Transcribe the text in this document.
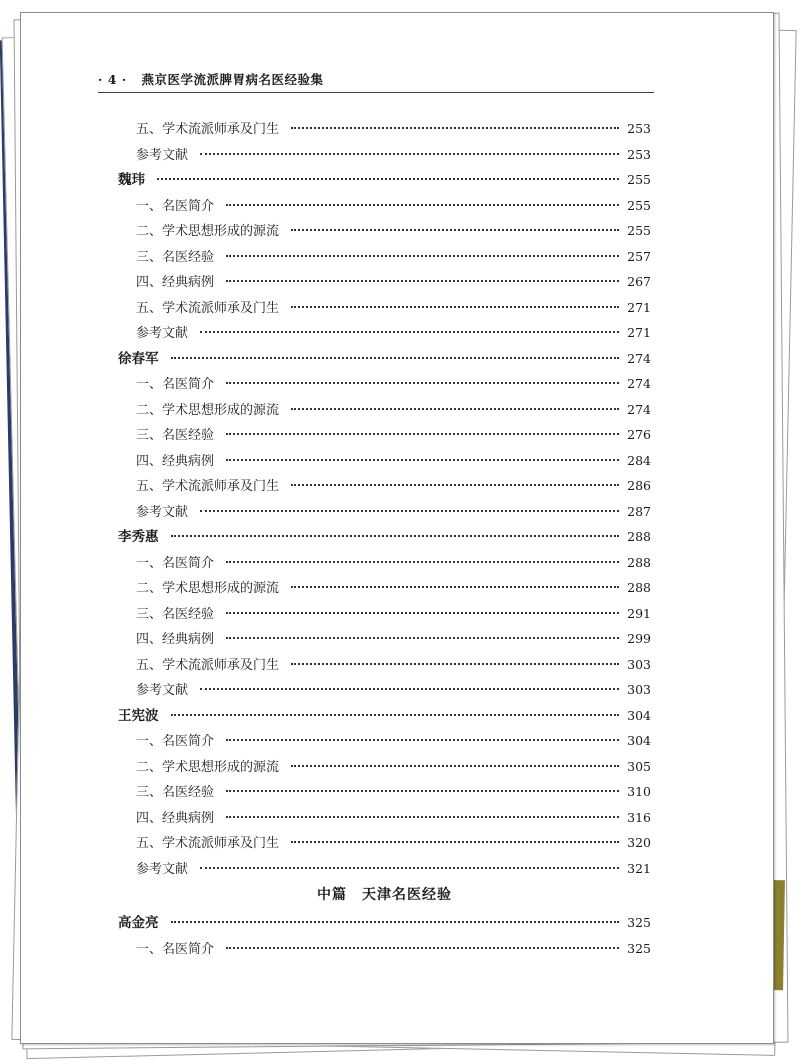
· 4 · 燕京医学流派脾胃病名医经验集
五、学术流派师承及门生	253
参考文献	253
魏玮	255
一、名医简介	255
二、学术思想形成的源流	255
三、名医经验	257
四、经典病例	267
五、学术流派师承及门生	271
参考文献	271
徐春军	274
一、名医简介	274
二、学术思想形成的源流	274
三、名医经验	276
四、经典病例	284
五、学术流派师承及门生	286
参考文献	287
李秀惠	288
一、名医简介	288
二、学术思想形成的源流	288
三、名医经验	291
四、经典病例	299
五、学术流派师承及门生	303
参考文献	303
王宪波	304
一、名医简介	304
二、学术思想形成的源流	305
三、名医经验	310
四、经典病例	316
五、学术流派师承及门生	320
参考文献	321
中篇　天津名医经验
高金亮	325
一、名医简介	325
